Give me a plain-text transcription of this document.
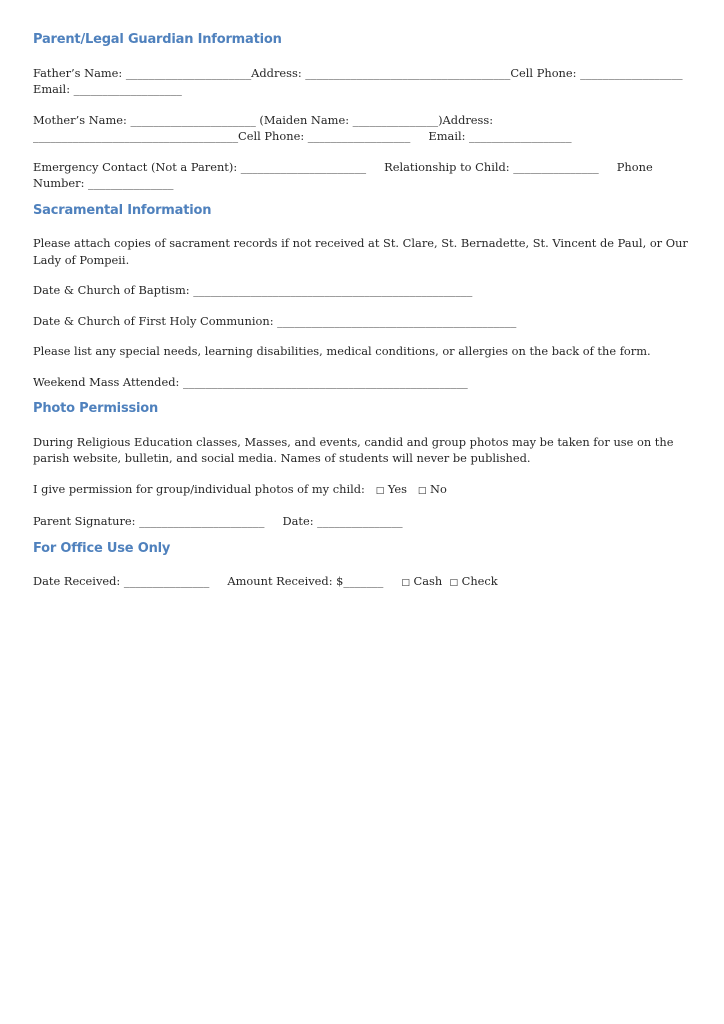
Parent/Legal Guardian Information

Father’s Name: ______________________Address: ____________________________________Cell Phone: __________________ Email: ___________________

Mother’s Name: ______________________ (Maiden Name: _______________)Address: ____________________________________Cell Phone: __________________     Email: __________________

Emergency Contact (Not a Parent): ______________________     Relationship to Child: _______________     Phone Number: _______________

Sacramental Information

Please attach copies of sacrament records if not received at St. Clare, St. Bernadette, St. Vincent de Paul, or Our Lady of Pompeii.

Date & Church of Baptism: _________________________________________________

Date & Church of First Holy Communion: __________________________________________

Please list any special needs, learning disabilities, medical conditions, or allergies on the back of the form.

Weekend Mass Attended: __________________________________________________

Photo Permission

During Religious Education classes, Masses, and events, candid and group photos may be taken for use on the parish website, bulletin, and social media. Names of students will never be published.

I give permission for group/individual photos of my child: □ Yes □ No

Parent Signature: ______________________     Date: _______________

For Office Use Only

Date Received: _______________     Amount Received: $_______ □ Cash □ Check
